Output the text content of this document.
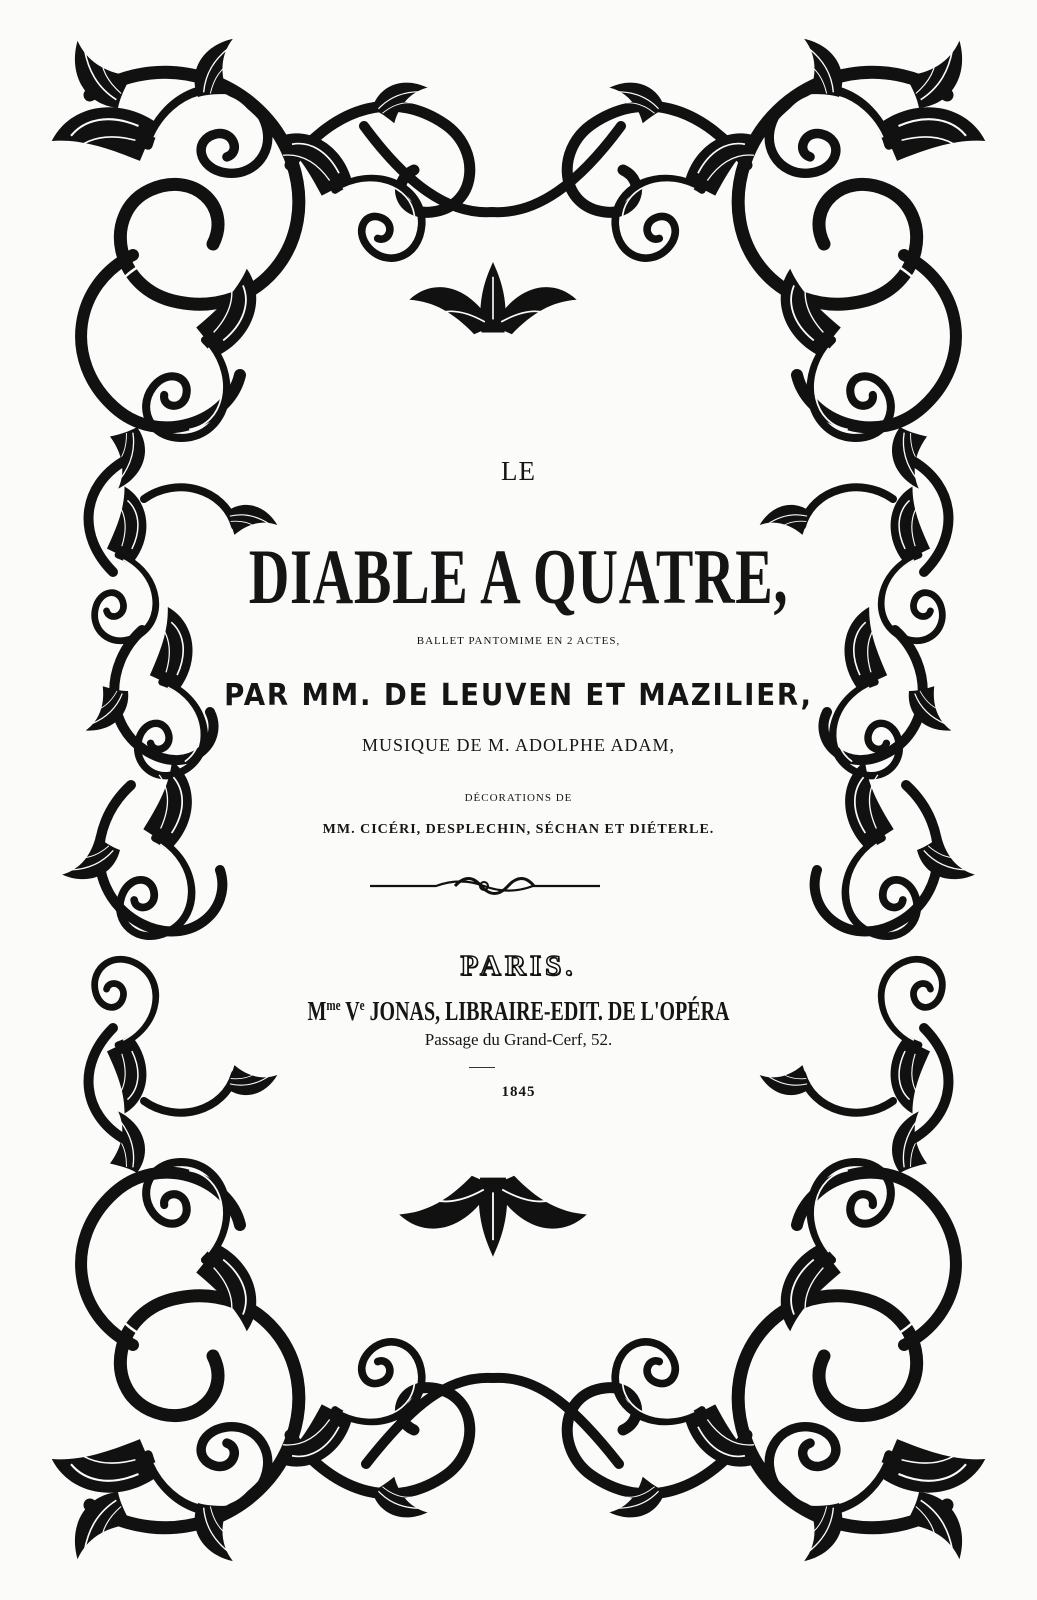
LE
DIABLE A QUATRE,
BALLET PANTOMIME EN 2 ACTES,
PAR MM. DE LEUVEN ET MAZILIER,
MUSIQUE DE M. ADOLPHE ADAM,
DÉCORATIONS DE
MM. CICÉRI, DESPLECHIN, SÉCHAN ET DIÉTERLE.
PARIS.
$M^{me}$ Ve JONAS, LIBRAIRE-EDIT. DE L'OPÉRA
Passage du Grand-Cerf, 52.
1845
